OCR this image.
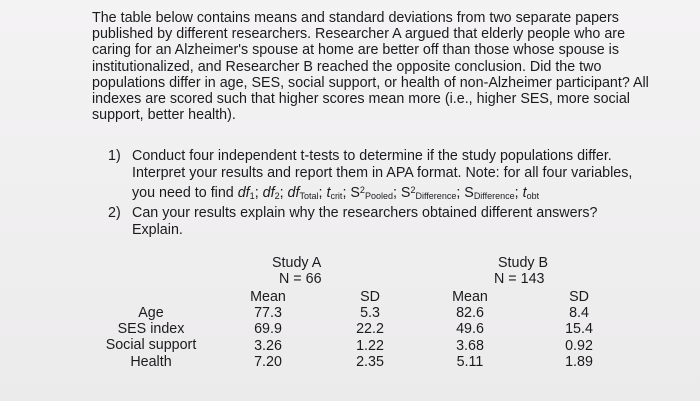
The table below contains means and standard deviations from two separate papers published by different researchers. Researcher A argued that elderly people who are caring for an Alzheimer's spouse at home are better off than those whose spouse is institutionalized, and Researcher B reached the opposite conclusion. Did the two populations differ in age, SES, social support, or health of non-Alzheimer participant? All indexes are scored such that higher scores mean more (i.e., higher SES, more social support, better health).

1) Conduct four independent t-tests to determine if the study populations differ. Interpret your results and report them in APA format. Note: for all four variables, you need to find $df_1$; $df_2$; $df_{Total}$; $t_{crit}$; $S^2_{Pooled}$; $S^2_{Difference}$; $S_{Difference}$; $t_{obt}$
2) Can your results explain why the researchers obtained different answers? Explain.
Study A
N = 66
Study B
N = 143
Age
SES index
Social support
Health
Mean
77.3
69.9
3.26
7.20
SD
5.3
22.2
1.22
2.35
Mean
82.6
49.6
3.68
5.11
SD
8.4
15.4
0.92
1.89
